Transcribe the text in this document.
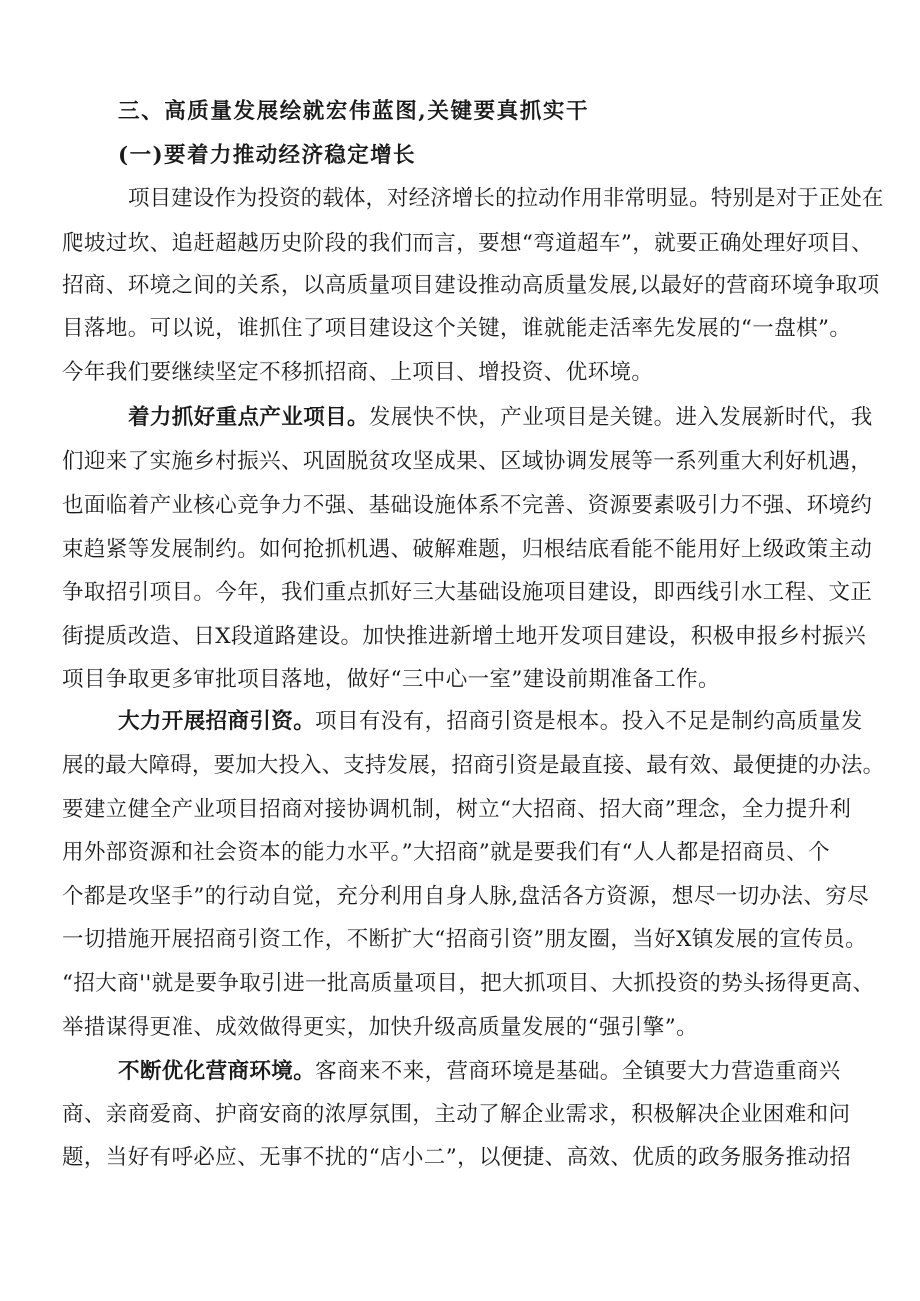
三、高质量发展绘就宏伟蓝图,关键要真抓实干
(一)要着力推动经济稳定增长
项目建设作为投资的载体，对经济增长的拉动作用非常明显。特别是对于正处在
爬坡过坎、追赶超越历史阶段的我们而言，要想“弯道超车”，就要正确处理好项目、
招商、环境之间的关系，以高质量项目建设推动高质量发展,以最好的营商环境争取项
目落地。可以说，谁抓住了项目建设这个关键，谁就能走活率先发展的“一盘棋”。
今年我们要继续坚定不移抓招商、上项目、增投资、优环境。
着力抓好重点产业项目。发展快不快，产业项目是关键。进入发展新时代，我
们迎来了实施乡村振兴、巩固脱贫攻坚成果、区域协调发展等一系列重大利好机遇，
也面临着产业核心竞争力不强、基础设施体系不完善、资源要素吸引力不强、环境约
束趋紧等发展制约。如何抢抓机遇、破解难题，归根结底看能不能用好上级政策主动
争取招引项目。今年，我们重点抓好三大基础设施项目建设，即西线引水工程、文正
街提质改造、日X段道路建设。加快推进新增土地开发项目建设，积极申报乡村振兴
项目争取更多审批项目落地，做好“三中心一室”建设前期准备工作。
大力开展招商引资。项目有没有，招商引资是根本。投入不足是制约高质量发
展的最大障碍，要加大投入、支持发展，招商引资是最直接、最有效、最便捷的办法。
要建立健全产业项目招商对接协调机制，树立“大招商、招大商”理念，全力提升利
用外部资源和社会资本的能力水平。”大招商”就是要我们有“人人都是招商员、个
个都是攻坚手”的行动自觉，充分利用自身人脉,盘活各方资源，想尽一切办法、穷尽
一切措施开展招商引资工作，不断扩大“招商引资”朋友圈，当好X镇发展的宣传员。
“招大商''就是要争取引进一批高质量项目，把大抓项目、大抓投资的势头扬得更高、
举措谋得更准、成效做得更实，加快升级高质量发展的“强引擎”。
不断优化营商环境。客商来不来，营商环境是基础。全镇要大力营造重商兴
商、亲商爱商、护商安商的浓厚氛围，主动了解企业需求，积极解决企业困难和问
题，当好有呼必应、无事不扰的“店小二”，以便捷、高效、优质的政务服务推动招
